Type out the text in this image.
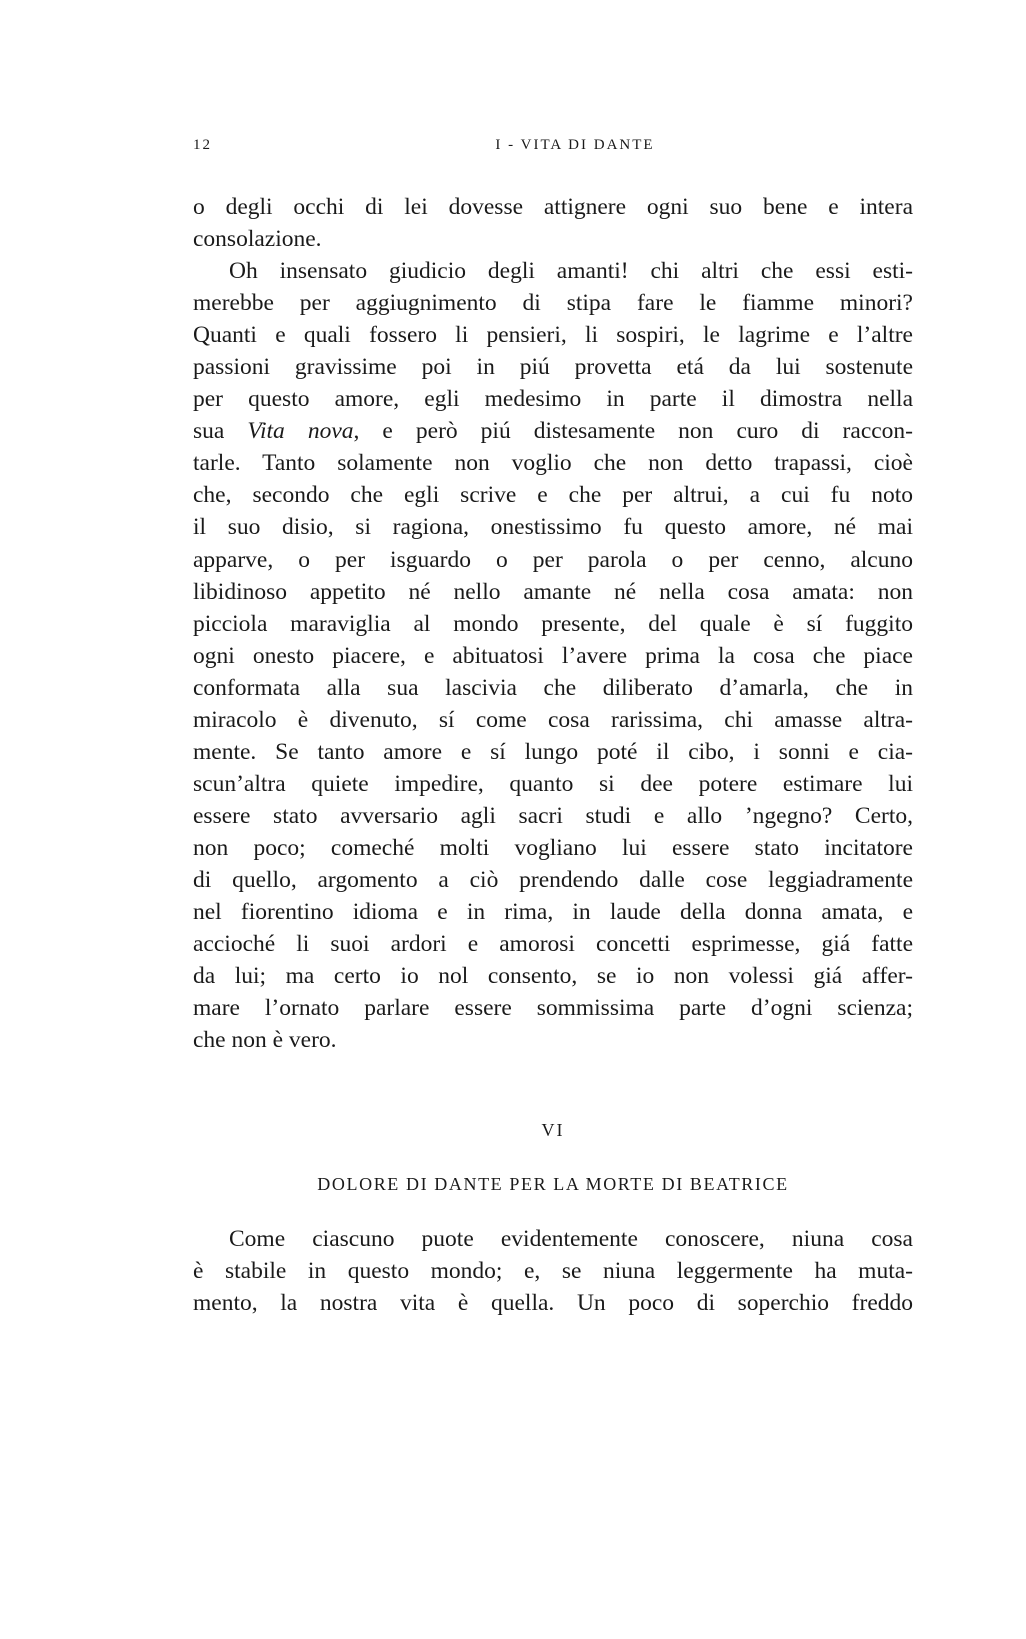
12	I - VITA DI DANTE
o degli occhi di lei dovesse attignere ogni suo bene e intera
consolazione.
Oh insensato giudicio degli amanti! chi altri che essi esti-
merebbe per aggiugnimento di stipa fare le fiamme minori?
Quanti e quali fossero li pensieri, li sospiri, le lagrime e l’altre
passioni gravissime poi in piú provetta etá da lui sostenute
per questo amore, egli medesimo in parte il dimostra nella
sua Vita nova, e però piú distesamente non curo di raccon-
tarle. Tanto solamente non voglio che non detto trapassi, cioè
che, secondo che egli scrive e che per altrui, a cui fu noto
il suo disio, si ragiona, onestissimo fu questo amore, né mai
apparve, o per isguardo o per parola o per cenno, alcuno
libidinoso appetito né nello amante né nella cosa amata: non
picciola maraviglia al mondo presente, del quale è sí fuggito
ogni onesto piacere, e abituatosi l’avere prima la cosa che piace
conformata alla sua lascivia che diliberato d’amarla, che in
miracolo è divenuto, sí come cosa rarissima, chi amasse altra-
mente. Se tanto amore e sí lungo poté il cibo, i sonni e cia-
scun’altra quiete impedire, quanto si dee potere estimare lui
essere stato avversario agli sacri studi e allo ’ngegno? Certo,
non poco; comeché molti vogliano lui essere stato incitatore
di quello, argomento a ciò prendendo dalle cose leggiadramente
nel fiorentino idioma e in rima, in laude della donna amata, e
accioché li suoi ardori e amorosi concetti esprimesse, giá fatte
da lui; ma certo io nol consento, se io non volessi giá affer-
mare l’ornato parlare essere sommissima parte d’ogni scienza;
che non è vero.
VI
DOLORE DI DANTE PER LA MORTE DI BEATRICE
Come ciascuno puote evidentemente conoscere, niuna cosa
è stabile in questo mondo; e, se niuna leggermente ha muta-
mento, la nostra vita è quella. Un poco di soperchio freddo
